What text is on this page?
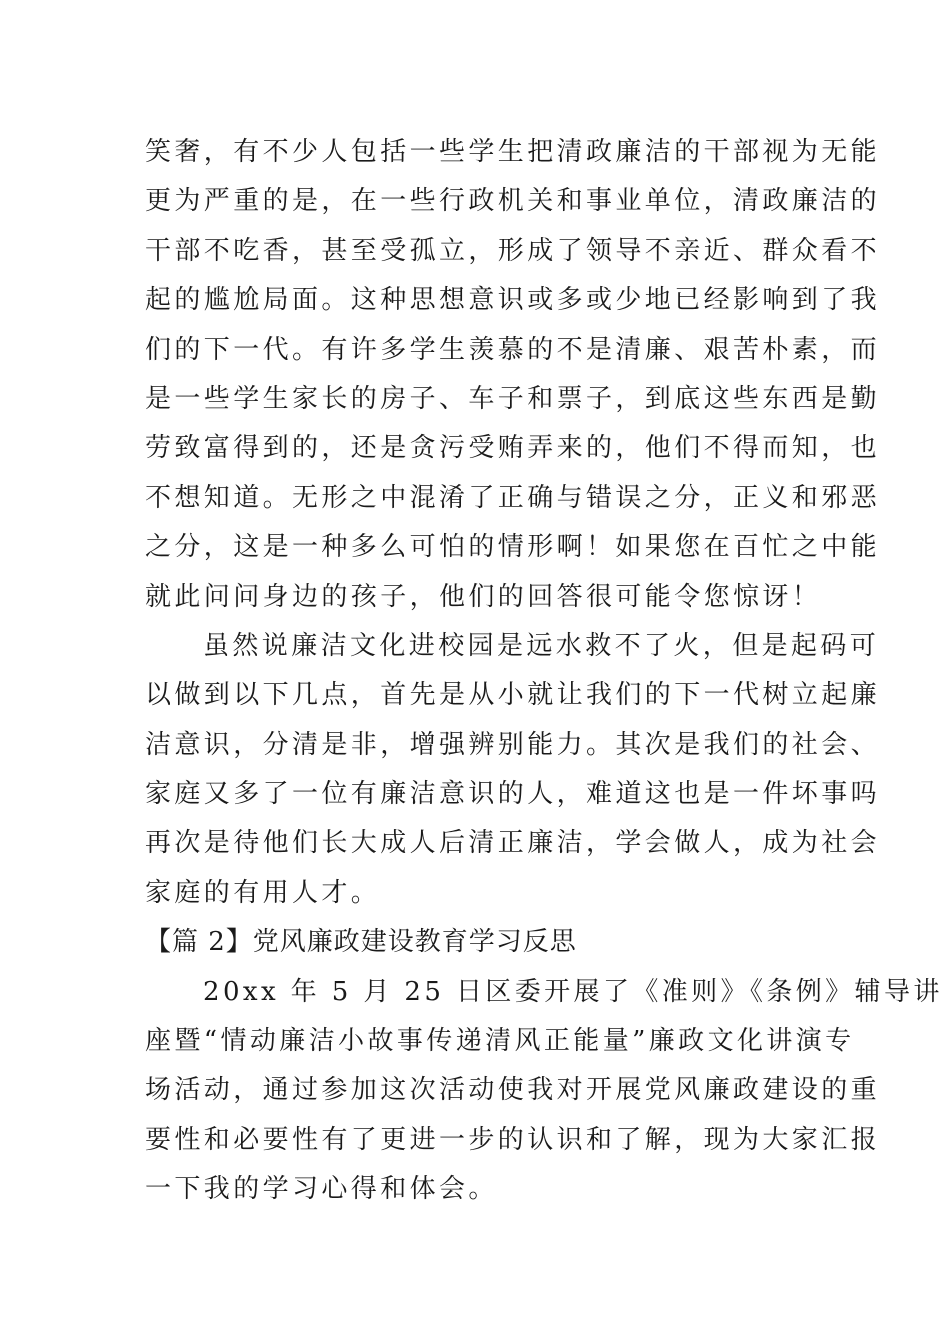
笑奢，有不少人包括一些学生把清政廉洁的干部视为无能
更为严重的是，在一些行政机关和事业单位，清政廉洁的
干部不吃香，甚至受孤立，形成了领导不亲近、群众看不
起的尴尬局面。这种思想意识或多或少地已经影响到了我
们的下一代。有许多学生羡慕的不是清廉、艰苦朴素，而
是一些学生家长的房子、车子和票子，到底这些东西是勤
劳致富得到的，还是贪污受贿弄来的，他们不得而知，也
不想知道。无形之中混淆了正确与错误之分，正义和邪恶
之分，这是一种多么可怕的情形啊！如果您在百忙之中能
就此问问身边的孩子，他们的回答很可能令您惊讶！
虽然说廉洁文化进校园是远水救不了火，但是起码可
以做到以下几点，首先是从小就让我们的下一代树立起廉
洁意识，分清是非，增强辨别能力。其次是我们的社会、
家庭又多了一位有廉洁意识的人，难道这也是一件坏事吗
再次是待他们长大成人后清正廉洁，学会做人，成为社会
家庭的有用人才。
【篇 2】党风廉政建设教育学习反思
20xx 年 5 月 25 日区委开展了《准则》《条例》辅导讲
座暨“情动廉洁小故事传递清风正能量”廉政文化讲演专
场活动，通过参加这次活动使我对开展党风廉政建设的重
要性和必要性有了更进一步的认识和了解，现为大家汇报
一下我的学习心得和体会。
